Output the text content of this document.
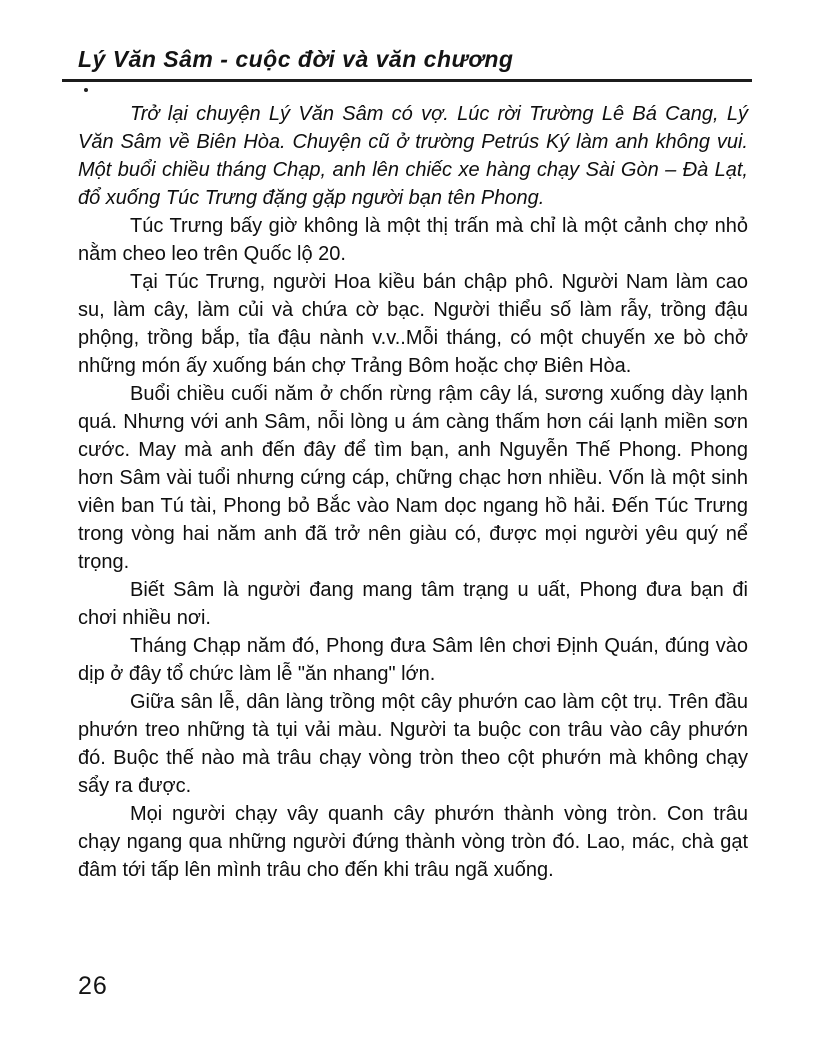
Lý Văn Sâm - cuộc đời và văn chương

Trở lại chuyện Lý Văn Sâm có vợ. Lúc rời Trường Lê Bá Cang, Lý Văn Sâm về Biên Hòa. Chuyện cũ ở trường Petrús Ký làm anh không vui. Một buổi chiều tháng Chạp, anh lên chiếc xe hàng chạy Sài Gòn – Đà Lạt, đổ xuống Túc Trưng đặng gặp người bạn tên Phong.

Túc Trưng bấy giờ không là một thị trấn mà chỉ là một cảnh chợ nhỏ nằm cheo leo trên Quốc lộ 20.

Tại Túc Trưng, người Hoa kiều bán chập phô. Người Nam làm cao su, làm cây, làm củi và chứa cờ bạc. Người thiểu số làm rẫy, trồng đậu phộng, trồng bắp, tỉa đậu nành v.v..Mỗi tháng, có một chuyến xe bò chở những món ấy xuống bán chợ Trảng Bôm hoặc chợ Biên Hòa.

Buổi chiều cuối năm ở chốn rừng rậm cây lá, sương xuống dày lạnh quá. Nhưng với anh Sâm, nỗi lòng u ám càng thấm hơn cái lạnh miền sơn cước. May mà anh đến đây để tìm bạn, anh Nguyễn Thế Phong. Phong hơn Sâm vài tuổi nhưng cứng cáp, chững chạc hơn nhiều. Vốn là một sinh viên ban Tú tài, Phong bỏ Bắc vào Nam dọc ngang hồ hải. Đến Túc Trưng trong vòng hai năm anh đã trở nên giàu có, được mọi người yêu quý nể trọng.

Biết Sâm là người đang mang tâm trạng u uất, Phong đưa bạn đi chơi nhiều nơi.

Tháng Chạp năm đó, Phong đưa Sâm lên chơi Định Quán, đúng vào dịp ở đây tổ chức làm lễ "ăn nhang" lớn.

Giữa sân lễ, dân làng trồng một cây phướn cao làm cột trụ. Trên đầu phướn treo những tà tụi vải màu. Người ta buộc con trâu vào cây phướn đó. Buộc thế nào mà trâu chạy vòng tròn theo cột phướn mà không chạy sẩy ra được.

Mọi người chạy vây quanh cây phướn thành vòng tròn. Con trâu chạy ngang qua những người đứng thành vòng tròn đó. Lao, mác, chà gạt đâm tới tấp lên mình trâu cho đến khi trâu ngã xuống.

26
